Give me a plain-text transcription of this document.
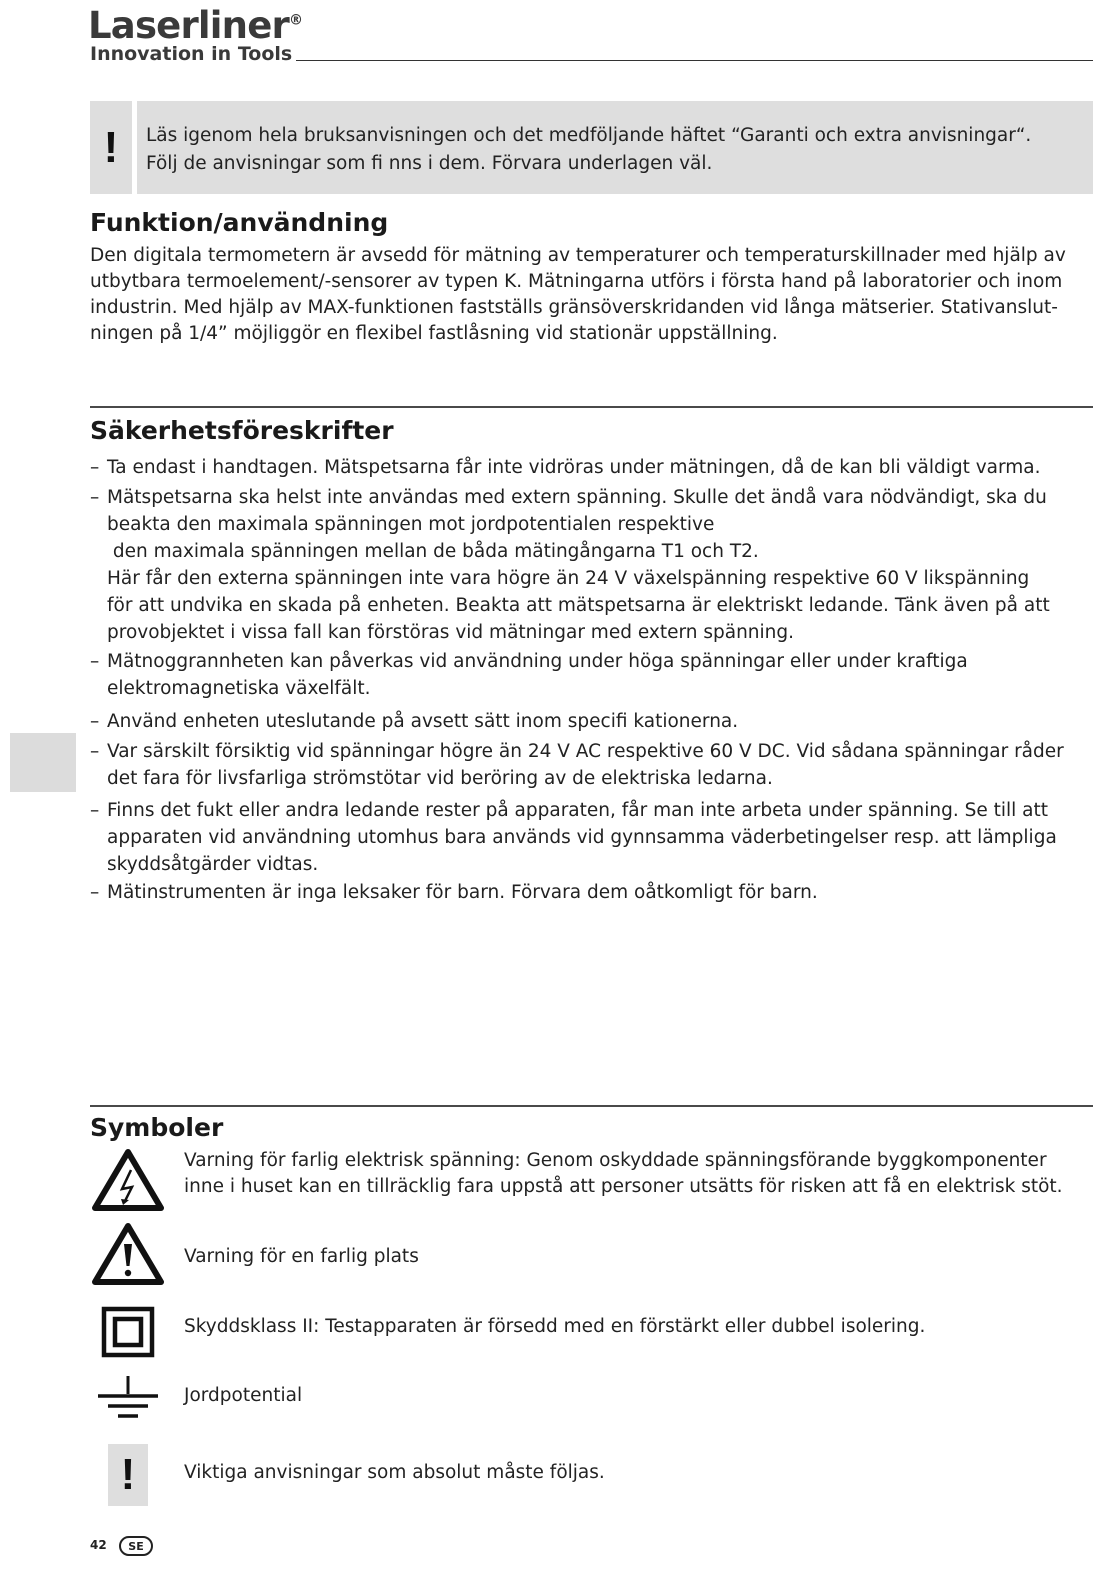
Laserliner®
Innovation in Tools
!	Läs igenom hela bruksanvisningen och det medföljande häftet “Garanti och extra anvisningar“.
Följ de anvisningar som fi nns i dem. Förvara underlagen väl.
Funktion/användning
Den digitala termometern är avsedd för mätning av temperaturer och temperaturskillnader med hjälp av
utbytbara termoelement/-sensorer av typen K. Mätningarna utförs i första hand på laboratorier och inom
industrin. Med hjälp av MAX-funktionen fastställs gränsöverskridanden vid långa mätserier. Stativanslut-
ningen på 1/4” möjliggör en flexibel fastlåsning vid stationär uppställning.
Säkerhetsföreskrifter
– Ta endast i handtagen. Mätspetsarna får inte vidröras under mätningen, då de kan bli väldigt varma.
– Mätspetsarna ska helst inte användas med extern spänning. Skulle det ändå vara nödvändigt, ska du
beakta den maximala spänningen mot jordpotentialen respektive
den maximala spänningen mellan de båda mätingångarna T1 och T2.
Här får den externa spänningen inte vara högre än 24 V växelspänning respektive 60 V likspänning
för att undvika en skada på enheten. Beakta att mätspetsarna är elektriskt ledande. Tänk även på att
provobjektet i vissa fall kan förstöras vid mätningar med extern spänning.
– Mätnoggrannheten kan påverkas vid användning under höga spänningar eller under kraftiga
elektromagnetiska växelfält.
– Använd enheten uteslutande på avsett sätt inom specifi kationerna.
– Var särskilt försiktig vid spänningar högre än 24 V AC respektive 60 V DC. Vid sådana spänningar råder
det fara för livsfarliga strömstötar vid beröring av de elektriska ledarna.
– Finns det fukt eller andra ledande rester på apparaten, får man inte arbeta under spänning. Se till att
apparaten vid användning utomhus bara används vid gynnsamma väderbetingelser resp. att lämpliga
skyddsåtgärder vidtas.
– Mätinstrumenten är inga leksaker för barn. Förvara dem oåtkomligt för barn.
Symboler
Varning för farlig elektrisk spänning: Genom oskyddade spänningsförande byggkomponenter
inne i huset kan en tillräcklig fara uppstå att personer utsätts för risken att få en elektrisk stöt.
Varning för en farlig plats
Skyddsklass II: Testapparaten är försedd med en förstärkt eller dubbel isolering.
Jordpotential
!	Viktiga anvisningar som absolut måste följas.
42	SE
